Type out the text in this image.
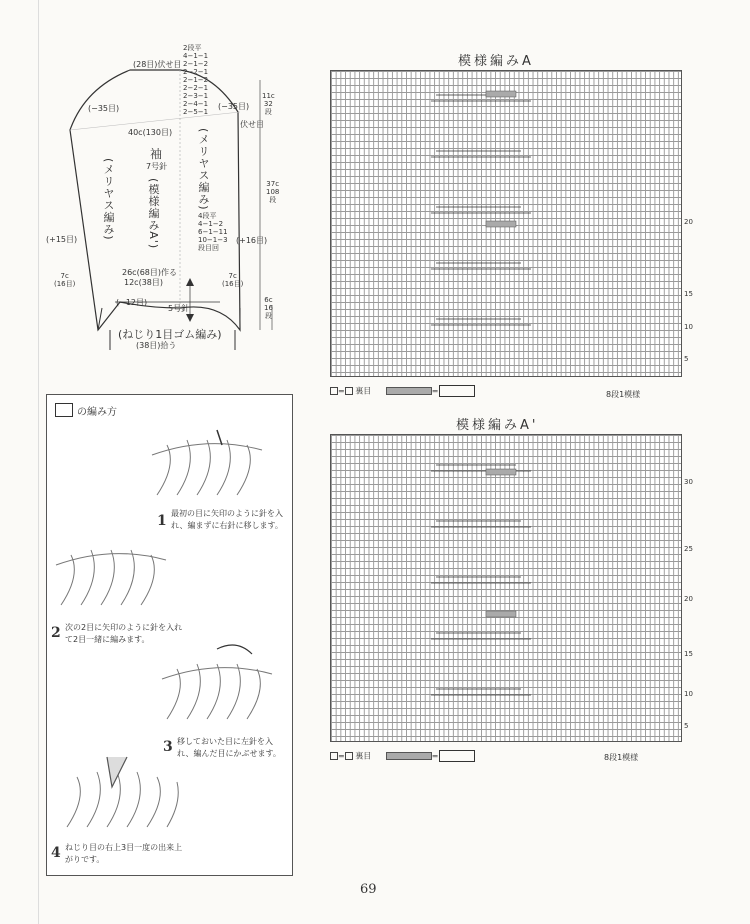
(28目)伏せ目
2段平
4−1−1
2−1−2
2−2−1
2−1−2
2−2−1
2−3−1
2−4−1
2−5−1
(−35目)	(−35目)
伏せ目
11c
32
段
40c(130目)
袖
7号針	(メリヤス編み)
(模様編みA')
(メリヤス編み)	37c
108
段
4段平
4−1−2
6−1−11
10−1−3
段目回
(+15目)	(+16目)
26c(68目)作る
12c(38目)
7c
(16目)
7c
(16目)
(−12目)
5号針
6c
16
段
(ねじり1目ゴム編み)
(38目)拾う
模様編みA
20
15
10
5
= 裏目	=	8段1模様
模様編みA'
30
25
20
15
10
5
= 裏目	=	8段1模様
の編み方
1 最初の目に矢印のように針を入れ、編まずに右針に移します。
2 次の2目に矢印のように針を入れて2目一緒に編みます。
3 移しておいた目に左針を入れ、編んだ目にかぶせます。
4 ねじり目の右上3目一度の出来上がりです。
69
